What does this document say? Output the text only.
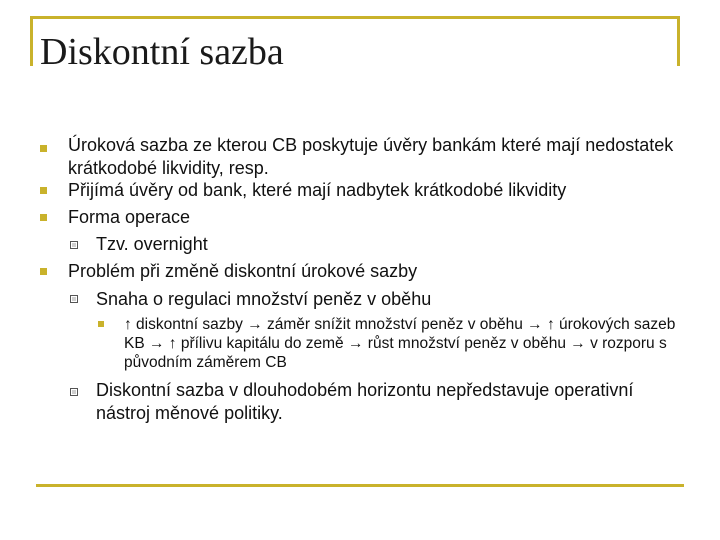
Diskontní sazba
Úroková sazba ze kterou CB poskytuje úvěry bankám které mají nedostatek krátkodobé likvidity, resp.
Přijímá úvěry od bank, které mají nadbytek krátkodobé likvidity
Forma operace
Tzv. overnight
Problém při změně diskontní úrokové sazby
Snaha o regulaci množství peněz v oběhu
↑ diskontní sazby → záměr snížit množství peněz v oběhu → ↑ úrokových sazeb KB → ↑ přílivu kapitálu do země → růst množství peněz v oběhu → v rozporu s původním záměrem CB
Diskontní sazba v dlouhodobém horizontu nepředstavuje operativní nástroj měnové politiky.
